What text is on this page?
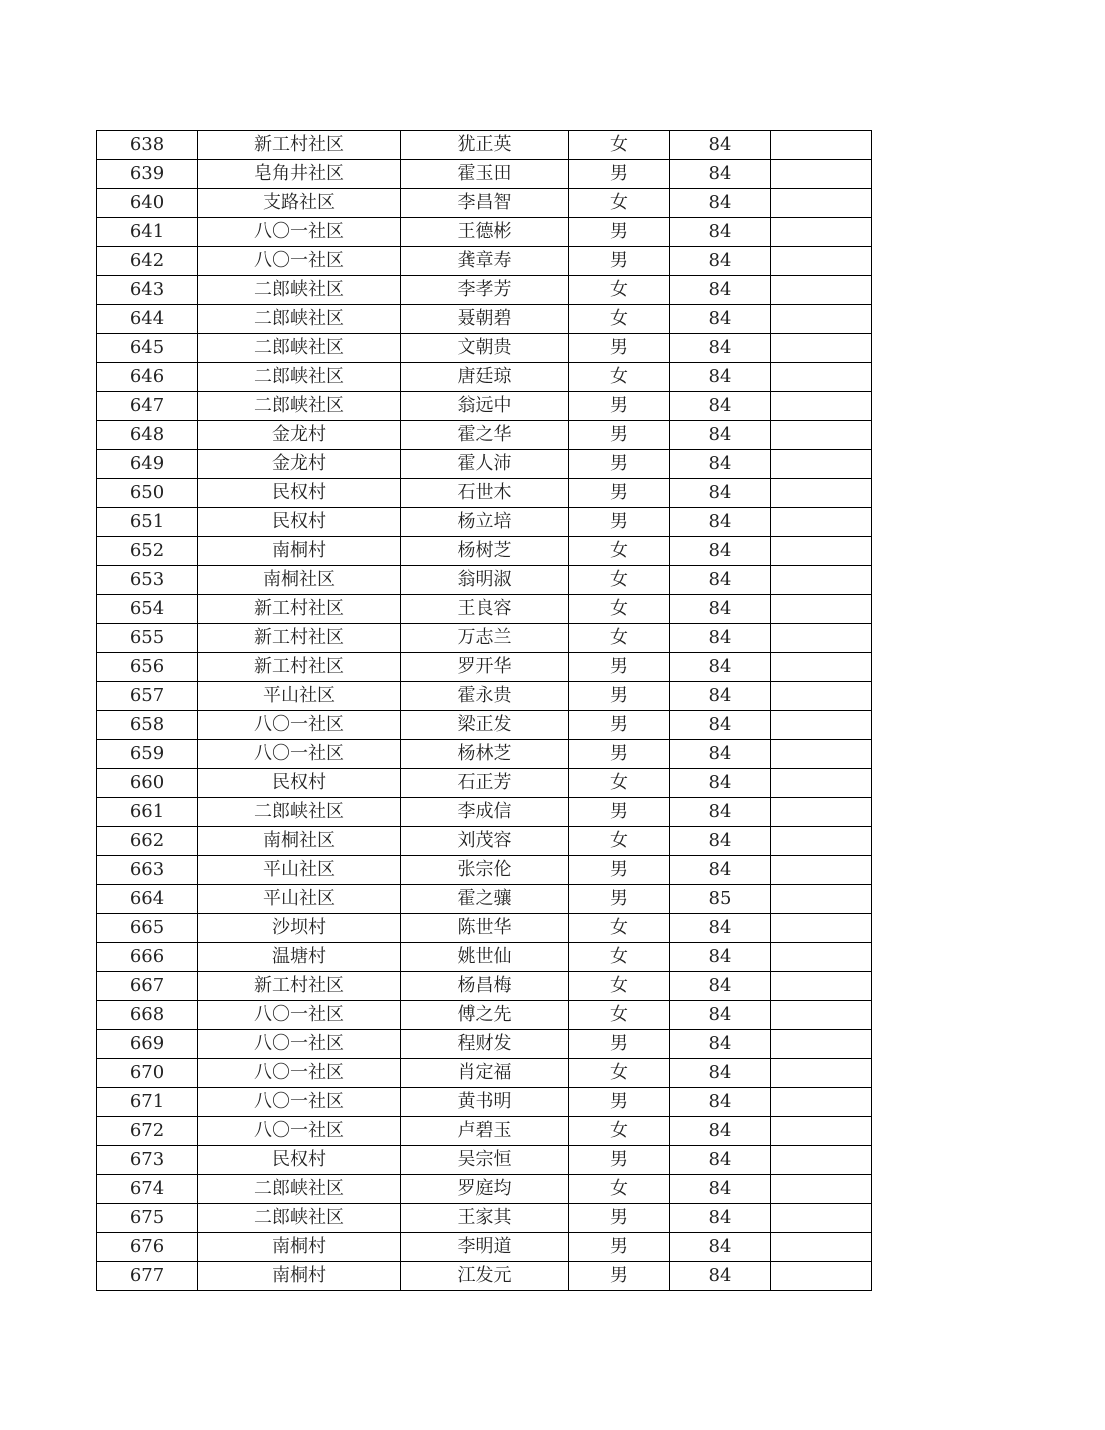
638	新工村社区	犹正英	女	84	
639	皂角井社区	霍玉田	男	84	
640	支路社区	李昌智	女	84	
641	八〇一社区	王德彬	男	84	
642	八〇一社区	龚章寿	男	84	
643	二郎峡社区	李孝芳	女	84	
644	二郎峡社区	聂朝碧	女	84	
645	二郎峡社区	文朝贵	男	84	
646	二郎峡社区	唐廷琼	女	84	
647	二郎峡社区	翁远中	男	84	
648	金龙村	霍之华	男	84	
649	金龙村	霍人沛	男	84	
650	民权村	石世木	男	84	
651	民权村	杨立培	男	84	
652	南桐村	杨树芝	女	84	
653	南桐社区	翁明淑	女	84	
654	新工村社区	王良容	女	84	
655	新工村社区	万志兰	女	84	
656	新工村社区	罗开华	男	84	
657	平山社区	霍永贵	男	84	
658	八〇一社区	梁正发	男	84	
659	八〇一社区	杨林芝	男	84	
660	民权村	石正芳	女	84	
661	二郎峡社区	李成信	男	84	
662	南桐社区	刘茂容	女	84	
663	平山社区	张宗伦	男	84	
664	平山社区	霍之骧	男	85	
665	沙坝村	陈世华	女	84	
666	温塘村	姚世仙	女	84	
667	新工村社区	杨昌梅	女	84	
668	八〇一社区	傅之先	女	84	
669	八〇一社区	程财发	男	84	
670	八〇一社区	肖定福	女	84	
671	八〇一社区	黄书明	男	84	
672	八〇一社区	卢碧玉	女	84	
673	民权村	吴宗恒	男	84	
674	二郎峡社区	罗庭均	女	84	
675	二郎峡社区	王家其	男	84	
676	南桐村	李明道	男	84	
677	南桐村	江发元	男	84	
